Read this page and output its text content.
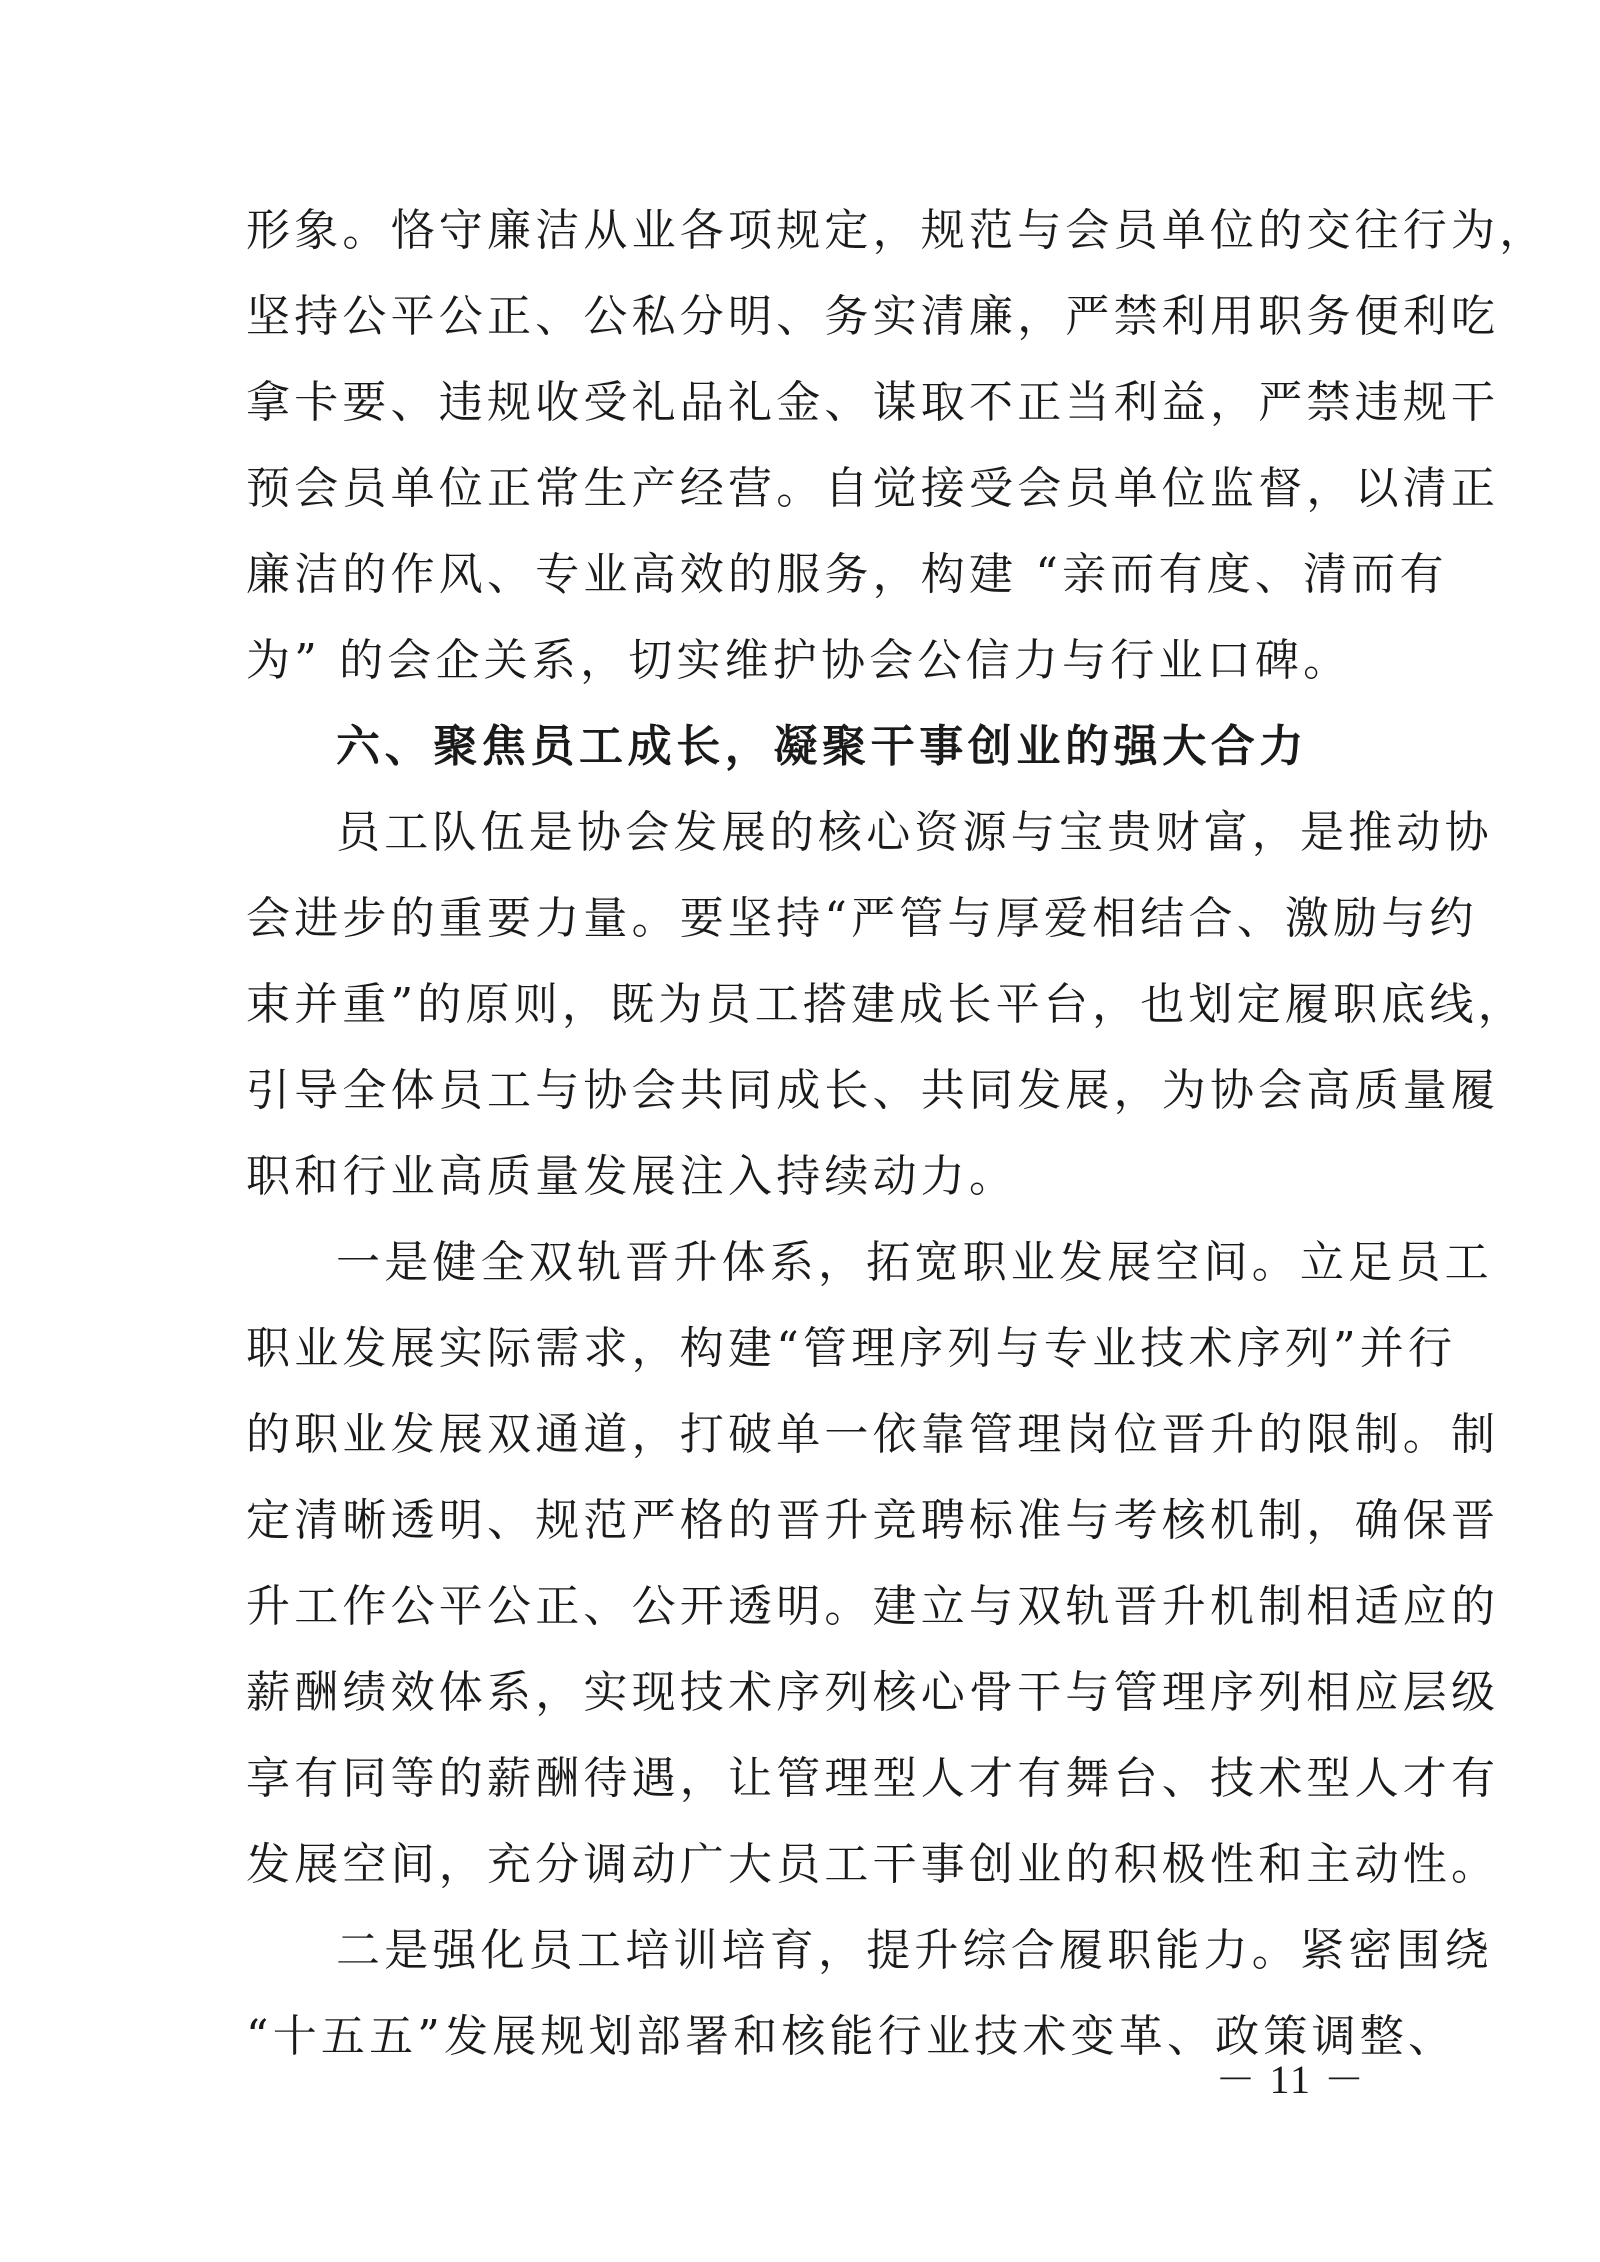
形象。恪守廉洁从业各项规定，规范与会员单位的交往行为，
坚持公平公正、公私分明、务实清廉，严禁利用职务便利吃
拿卡要、违规收受礼品礼金、谋取不正当利益，严禁违规干
预会员单位正常生产经营。自觉接受会员单位监督，以清正
廉洁的作风、专业高效的服务，构建 “亲而有度、清而有
为” 的会企关系，切实维护协会公信力与行业口碑。
六、聚焦员工成长，凝聚干事创业的强大合力
员工队伍是协会发展的核心资源与宝贵财富，是推动协
会进步的重要力量。要坚持“严管与厚爱相结合、激励与约
束并重”的原则，既为员工搭建成长平台，也划定履职底线，
引导全体员工与协会共同成长、共同发展，为协会高质量履
职和行业高质量发展注入持续动力。
一是健全双轨晋升体系，拓宽职业发展空间。立足员工
职业发展实际需求，构建“管理序列与专业技术序列”并行
的职业发展双通道，打破单一依靠管理岗位晋升的限制。制
定清晰透明、规范严格的晋升竞聘标准与考核机制，确保晋
升工作公平公正、公开透明。建立与双轨晋升机制相适应的
薪酬绩效体系，实现技术序列核心骨干与管理序列相应层级
享有同等的薪酬待遇，让管理型人才有舞台、技术型人才有
发展空间，充分调动广大员工干事创业的积极性和主动性。
二是强化员工培训培育，提升综合履职能力。紧密围绕
“十五五”发展规划部署和核能行业技术变革、政策调整、
－ 11 －
